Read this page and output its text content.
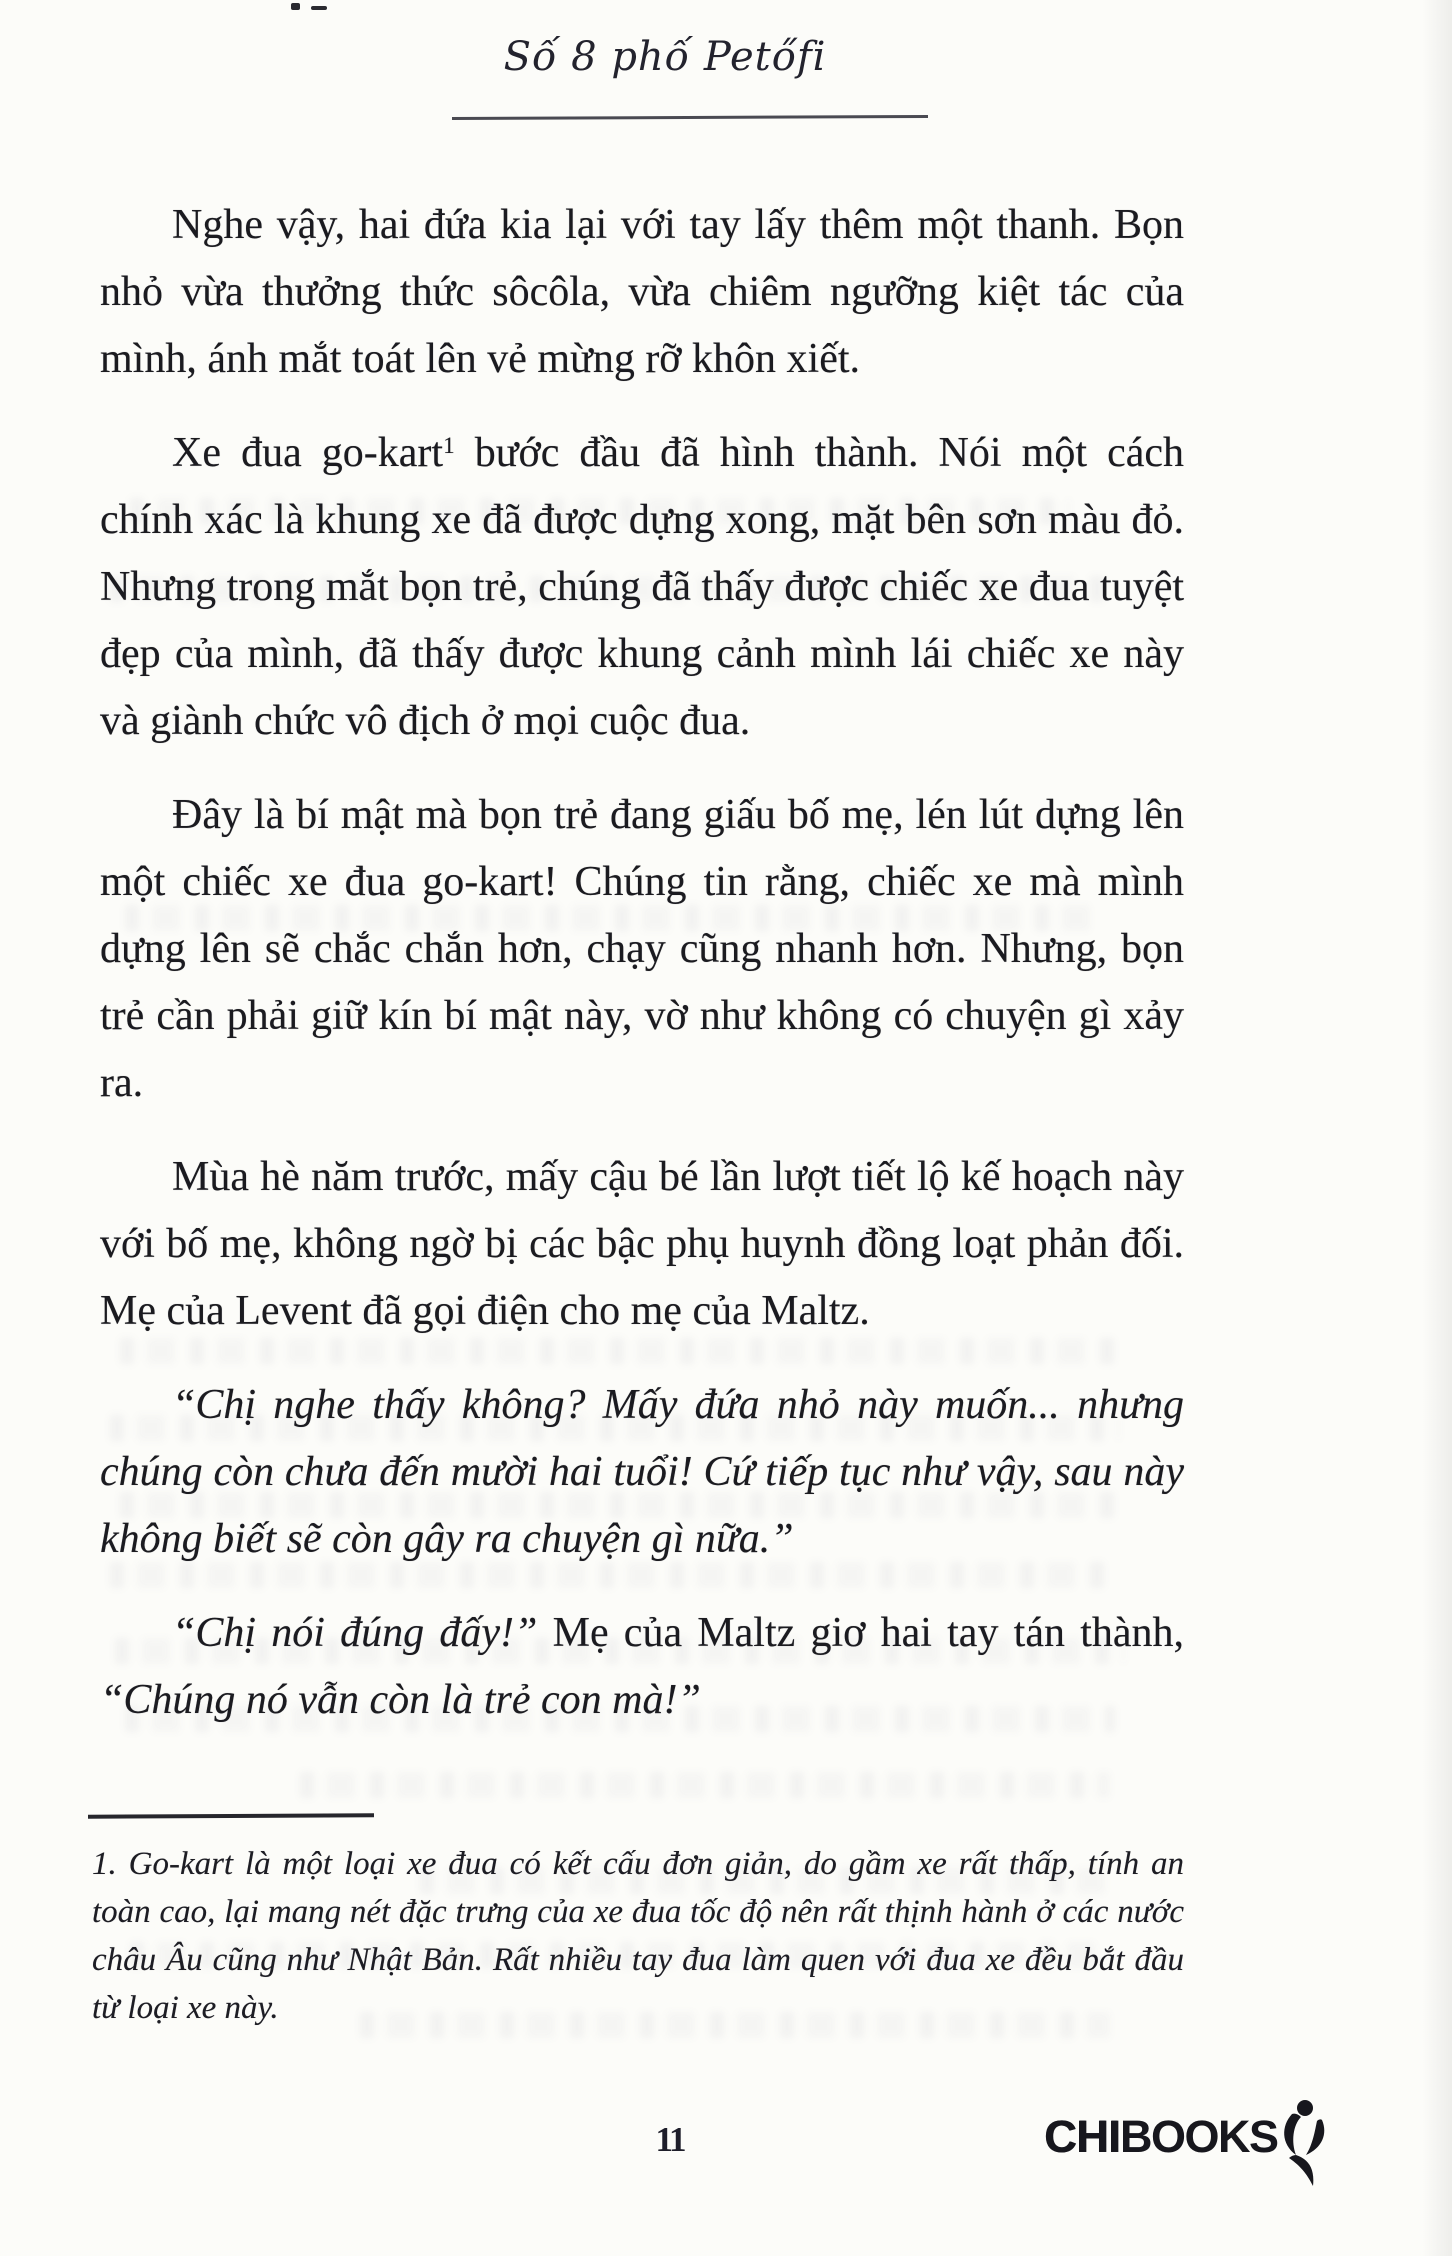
Số 8 phố Petőfi

Nghe vậy, hai đứa kia lại với tay lấy thêm một thanh. Bọn nhỏ vừa thưởng thức sôcôla, vừa chiêm ngưỡng kiệt tác của mình, ánh mắt toát lên vẻ mừng rỡ khôn xiết.

Xe đua go-kart$^1$ bước đầu đã hình thành. Nói một cách chính xác là khung xe đã được dựng xong, mặt bên sơn màu đỏ. Nhưng trong mắt bọn trẻ, chúng đã thấy được chiếc xe đua tuyệt đẹp của mình, đã thấy được khung cảnh mình lái chiếc xe này và giành chức vô địch ở mọi cuộc đua.

Đây là bí mật mà bọn trẻ đang giấu bố mẹ, lén lút dựng lên một chiếc xe đua go-kart! Chúng tin rằng, chiếc xe mà mình dựng lên sẽ chắc chắn hơn, chạy cũng nhanh hơn. Nhưng, bọn trẻ cần phải giữ kín bí mật này, vờ như không có chuyện gì xảy ra.

Mùa hè năm trước, mấy cậu bé lần lượt tiết lộ kế hoạch này với bố mẹ, không ngờ bị các bậc phụ huynh đồng loạt phản đối. Mẹ của Levent đã gọi điện cho mẹ của Maltz.

“Chị nghe thấy không? Mấy đứa nhỏ này muốn... nhưng chúng còn chưa đến mười hai tuổi! Cứ tiếp tục như vậy, sau này không biết sẽ còn gây ra chuyện gì nữa.”

“Chị nói đúng đấy!” Mẹ của Maltz giơ hai tay tán thành, “Chúng nó vẫn còn là trẻ con mà!”

1. Go-kart là một loại xe đua có kết cấu đơn giản, do gầm xe rất thấp, tính an toàn cao, lại mang nét đặc trưng của xe đua tốc độ nên rất thịnh hành ở các nước châu Âu cũng như Nhật Bản. Rất nhiều tay đua làm quen với đua xe đều bắt đầu từ loại xe này.
11	CHIBOOKS
